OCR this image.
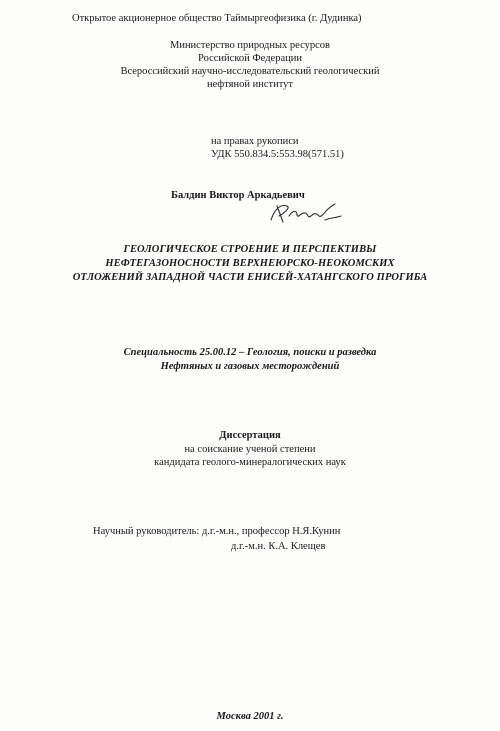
Открытое акционерное общество Таймыргеофизика (г. Дудинка)
Министерство природных ресурсов
Российской Федерации
Всероссийский научно-исследовательский геологический
нефтяной институт
на правах рукописи
УДК 550.834.5:553.98(571.51)
Балдин Виктор Аркадьевич
ГЕОЛОГИЧЕСКОЕ СТРОЕНИЕ И ПЕРСПЕКТИВЫ
НЕФТЕГАЗОНОСНОСТИ ВЕРХНЕЮРСКО-НЕОКОМСКИХ
ОТЛОЖЕНИЙ ЗАПАДНОЙ ЧАСТИ ЕНИСЕЙ-ХАТАНГСКОГО ПРОГИБА
Специальность 25.00.12 – Геология, поиски и разведка
Нефтяных и газовых месторождений
Диссертация
на соискание ученой степени
кандидата геолого-минералогических наук
Научный руководитель: д.г.-м.н., профессор Н.Я.Кунин
д.г.-м.н. К.А. Клещев
Москва 2001 г.
